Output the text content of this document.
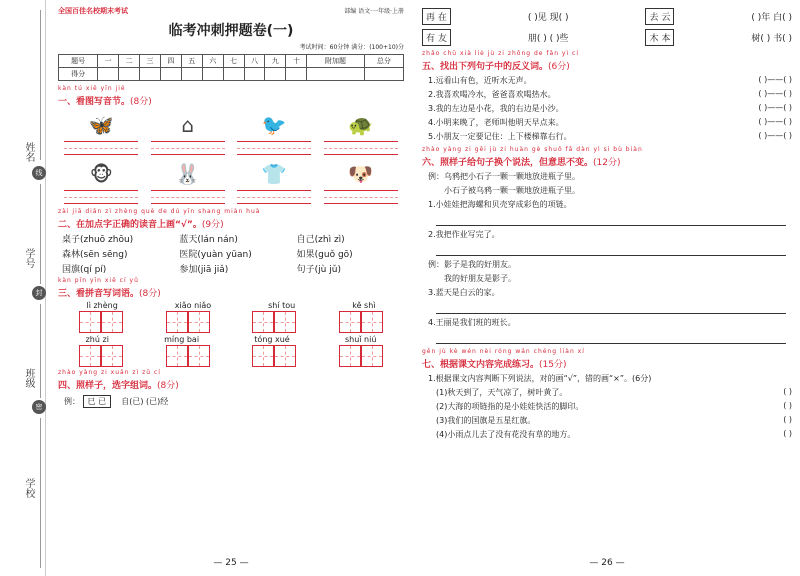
姓名
学号
班级
学校
线
封
密
全国百佳名校期末考试	部编 语文·一年级·上册
临考冲刺押题卷(一)
考试时间：60分钟 满分：(100+10)分
题号	一	二	三	四	五	六	七	八	九	十	附加题	总分
得分												
kàn tú xiě yīn jié
一、看图写音节。(8分)
🦋	⌂	🐦	🐢
🐵	🐰	👕	🐶
zài jiā diǎn zì zhèng què de dú yīn shang miàn huà
二、在加点字正确的读音上画“√”。(9分)
桌子(zhuō zhōu)	蓝天(lán nán)	自己(zhì zì)
森林(sēn sēng)	医院(yuàn yüan)	如果(guǒ gō)
国旗(qí pí)	参加(jiā jiǎ)	句子(jù jǔ)
kàn pīn yīn xiě cí yǔ
三、看拼音写词语。(8分)
lì zhèng	xiǎo niǎo	shí tou	kě shì
zhú zi	míng bai	tóng xué	shuǐ niú
zhào yàng zi xuǎn zì zǔ cí
四、照样子，选字组词。(8分)
例： 巳 已 自(已) (已)经
— 25 —
再 在	( )见 现( )	去 云	( )年 白( )
有 友	朋( ) ( )些	木 本	树( ) 书( )
zhǎo chū xià liè jù zi zhōng de fǎn yì cí
五、找出下列句子中的反义词。(6分)
1.远看山有色，近听水无声。	( )——( )
2.我喜欢喝冷水，爸爸喜欢喝热水。	( )——( )
3.我的左边是小花，我的右边是小沙。	( )——( )
4.小明来晚了，老师叫他明天早点来。	( )——( )
5.小朋友一定要记住：上下楼梯靠右行。	( )——( )
zhào yàng zi gěi jù zi huàn gè shuō fǎ dàn yì si bù biàn
六、照样子给句子换个说法，但意思不变。(12分)
例：乌鸦把小石子一颗一颗地放进瓶子里。
小石子被乌鸦一颗一颗地放进瓶子里。
1.小娃娃把海螺和贝壳穿成彩色的项链。
2.我把作业写完了。
例：影子是我的好朋友。
我的好朋友是影子。
3.蓝天是白云的家。
4.王丽是我们班的班长。
gēn jù kè wén nèi róng wán chéng liàn xí
七、根据课文内容完成练习。(15分)
1.根据课文内容判断下列说法，对的画“√”，错的画“×”。(6分)
(1)秋天到了，天气凉了，树叶黄了。	( )
(2)大海的项链指的是小娃娃快活的脚印。	( )
(3)我们的国旗是五星红旗。	( )
(4)小雨点儿去了没有花没有草的地方。	( )
— 26 —
